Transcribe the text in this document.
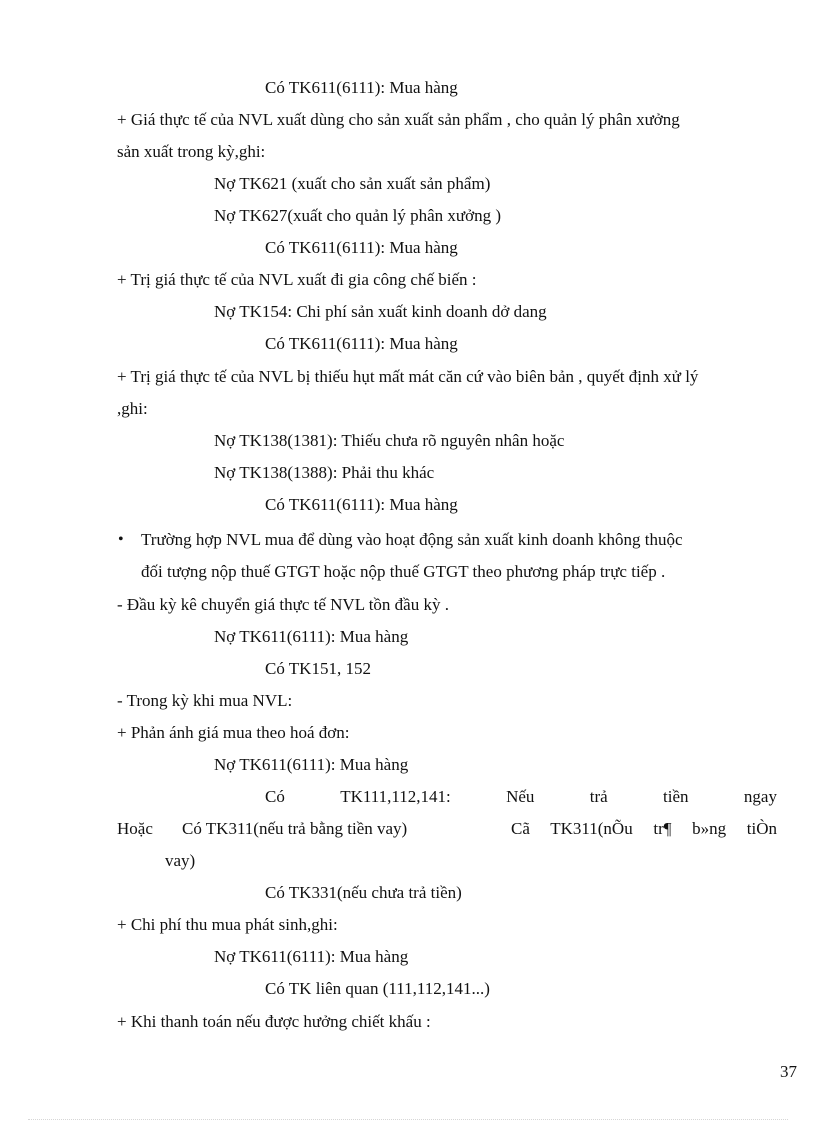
Có TK611(6111): Mua hàng
+ Giá thực tế của NVL xuất dùng cho sản xuất sản phẩm , cho quản lý phân xưởng
sản xuất trong kỳ,ghi:
Nợ TK621 (xuất cho sản xuất sản phẩm)
Nợ TK627(xuất cho quản lý phân xưởng )
Có TK611(6111): Mua hàng
+ Trị giá thực tế của NVL xuất đi gia công chế biến :
Nợ TK154: Chi phí sản xuất kinh doanh dở dang
Có TK611(6111): Mua hàng
+ Trị giá thực tế của NVL bị thiếu hụt mất mát căn cứ vào biên bản , quyết định xử lý
,ghi:
Nợ TK138(1381): Thiếu chưa rõ nguyên nhân hoặc
Nợ TK138(1388): Phải thu khác
Có TK611(6111): Mua hàng
• Trường hợp NVL mua để dùng vào hoạt động sản xuất kinh doanh không thuộc
đối tượng nộp thuế GTGT hoặc nộp thuế GTGT theo phương pháp trực tiếp .
- Đầu kỳ kê chuyển giá thực tế NVL tồn đầu kỳ .
Nợ TK611(6111): Mua hàng
Có TK151, 152
- Trong kỳ khi mua NVL:
+ Phản ánh giá mua theo hoá đơn:
Nợ TK611(6111): Mua hàng
Có	TK111,112,141:	Nếu	trả	tiền	ngay
Hoặc Có TK311(nếu trả bằng tiền vay)	Cã TK311(nÕu tr¶ b»ng tiÒn
vay)
Có TK331(nếu chưa trả tiền)
+ Chi phí thu mua phát sinh,ghi:
Nợ TK611(6111): Mua hàng
Có TK liên quan (111,112,141...)
+ Khi thanh toán nếu được hưởng chiết khấu :
37
